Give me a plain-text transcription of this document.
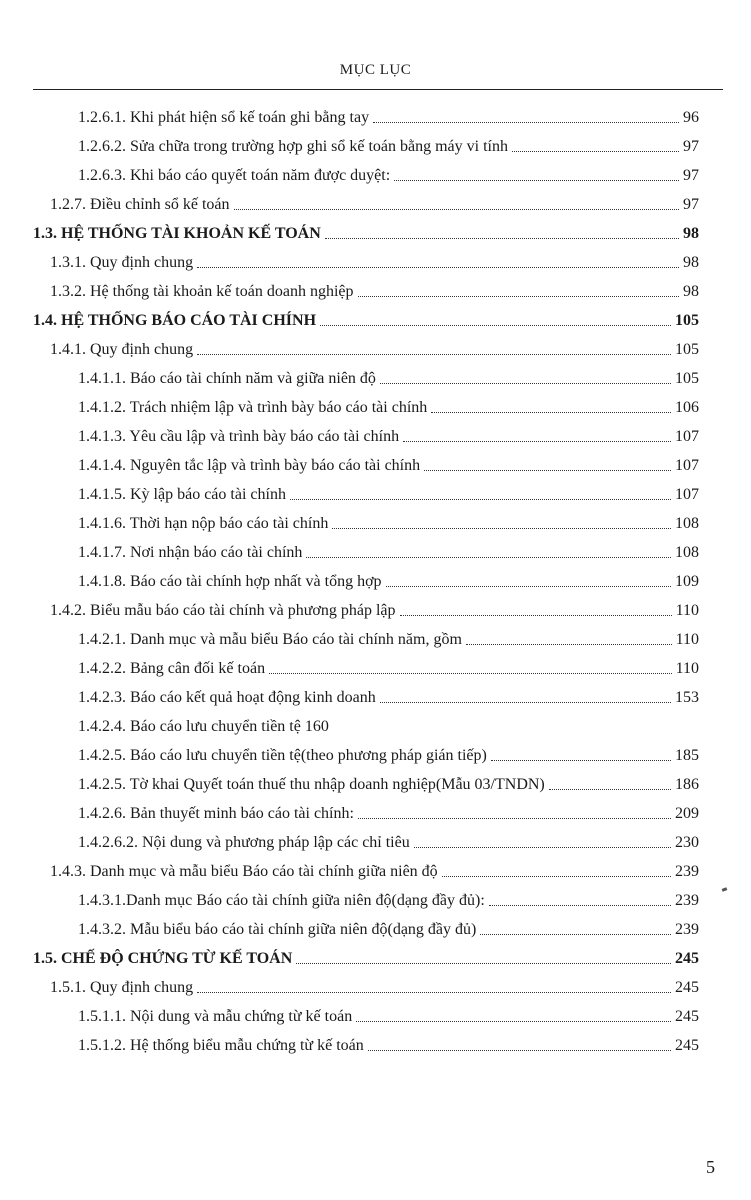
MỤC LỤC
1.2.6.1. Khi phát hiện sổ kế toán ghi bằng tay	96
1.2.6.2. Sửa chữa trong trường hợp ghi sổ kế toán bằng máy vi tính	97
1.2.6.3. Khi báo cáo quyết toán năm được duyệt:	97
1.2.7. Điều chỉnh sổ kế toán	97
1.3. HỆ THỐNG TÀI KHOẢN KẾ TOÁN	98
1.3.1. Quy định chung	98
1.3.2. Hệ thống tài khoản kế toán doanh nghiệp	98
1.4. HỆ THỐNG BÁO CÁO TÀI CHÍNH	105
1.4.1. Quy định chung	105
1.4.1.1. Báo cáo tài chính năm và giữa niên độ	105
1.4.1.2. Trách nhiệm lập và trình bày báo cáo tài chính	106
1.4.1.3. Yêu cầu lập và trình bày báo cáo tài chính	107
1.4.1.4. Nguyên tắc lập và trình bày báo cáo tài chính	107
1.4.1.5. Kỳ lập báo cáo tài chính	107
1.4.1.6. Thời hạn nộp báo cáo tài chính	108
1.4.1.7. Nơi nhận báo cáo tài chính	108
1.4.1.8. Báo cáo tài chính hợp nhất và tổng hợp	109
1.4.2. Biểu mẫu báo cáo tài chính và phương pháp lập	110
1.4.2.1. Danh mục và mẫu biểu Báo cáo tài chính năm, gồm	110
1.4.2.2. Bảng cân đối kế toán	110
1.4.2.3. Báo cáo kết quả hoạt động kinh doanh	153
1.4.2.4. Báo cáo lưu chuyển tiền tệ 160
1.4.2.5. Báo cáo lưu chuyển tiền tệ(theo phương pháp gián tiếp)	185
1.4.2.5. Tờ khai Quyết toán thuế thu nhập doanh nghiệp(Mẫu 03/TNDN)	186
1.4.2.6. Bản thuyết minh báo cáo tài chính:	209
1.4.2.6.2. Nội dung và phương pháp lập các chỉ tiêu	230
1.4.3. Danh mục và mẫu biểu Báo cáo tài chính giữa niên độ	239
1.4.3.1.Danh mục Báo cáo tài chính giữa niên độ(dạng đầy đủ):	239
1.4.3.2. Mẫu biểu báo cáo tài chính giữa niên độ(dạng đầy đủ)	239
1.5. CHẾ ĐỘ CHỨNG TỪ KẾ TOÁN	245
1.5.1. Quy định chung	245
1.5.1.1. Nội dung và mẫu chứng từ kế toán	245
1.5.1.2. Hệ thống biểu mẫu chứng từ kế toán	245
5
